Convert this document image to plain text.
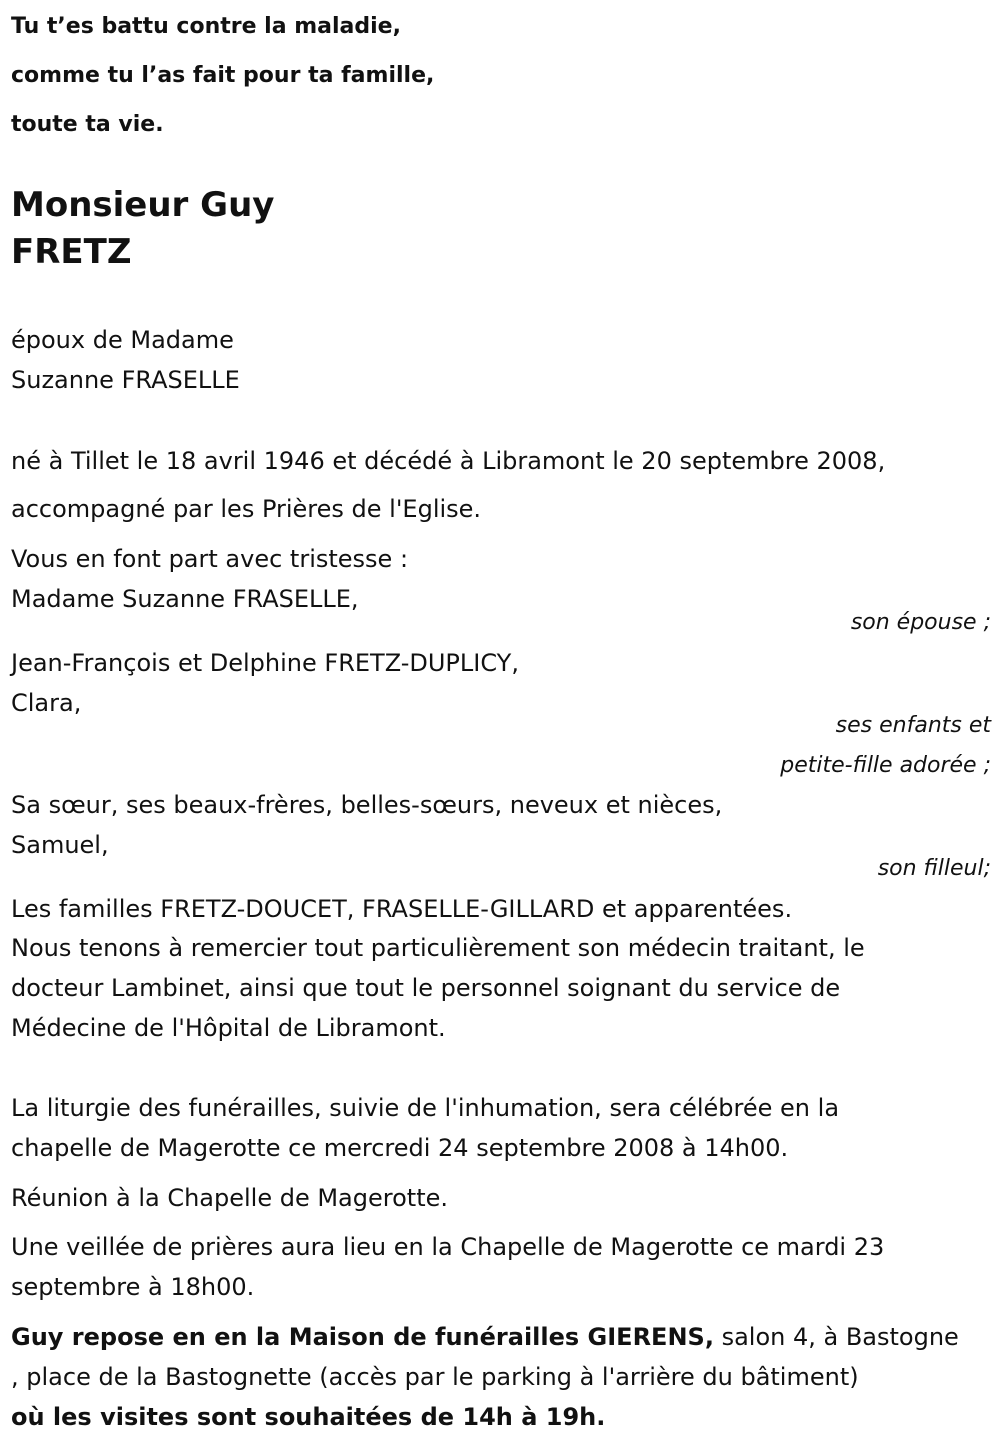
Tu t’es battu contre la maladie,
comme tu l’as fait pour ta famille,
toute ta vie.
Monsieur Guy
FRETZ
époux de Madame
Suzanne FRASELLE
né à Tillet le 18 avril 1946 et décédé à Libramont le 20 septembre 2008,
accompagné par les Prières de l'Eglise.
Vous en font part avec tristesse :
Madame Suzanne FRASELLE,
son épouse ;
Jean-François et Delphine FRETZ-DUPLICY,
Clara,
ses enfants et
petite-fille adorée ;
Sa sœur, ses beaux-frères, belles-sœurs, neveux et nièces,
Samuel,
son filleul;
Les familles FRETZ-DOUCET, FRASELLE-GILLARD et apparentées.
Nous tenons à remercier tout particulièrement son médecin traitant, le
docteur Lambinet, ainsi que tout le personnel soignant du service de
Médecine de l'Hôpital de Libramont.
La liturgie des funérailles, suivie de l'inhumation, sera célébrée en la
chapelle de Magerotte ce mercredi 24 septembre 2008 à 14h00.
Réunion à la Chapelle de Magerotte.
Une veillée de prières aura lieu en la Chapelle de Magerotte ce mardi 23
septembre à 18h00.
Guy repose en en la Maison de funérailles GIERENS, salon 4, à Bastogne
, place de la Bastognette (accès par le parking à l'arrière du bâtiment)
où les visites sont souhaitées de 14h à 19h.
